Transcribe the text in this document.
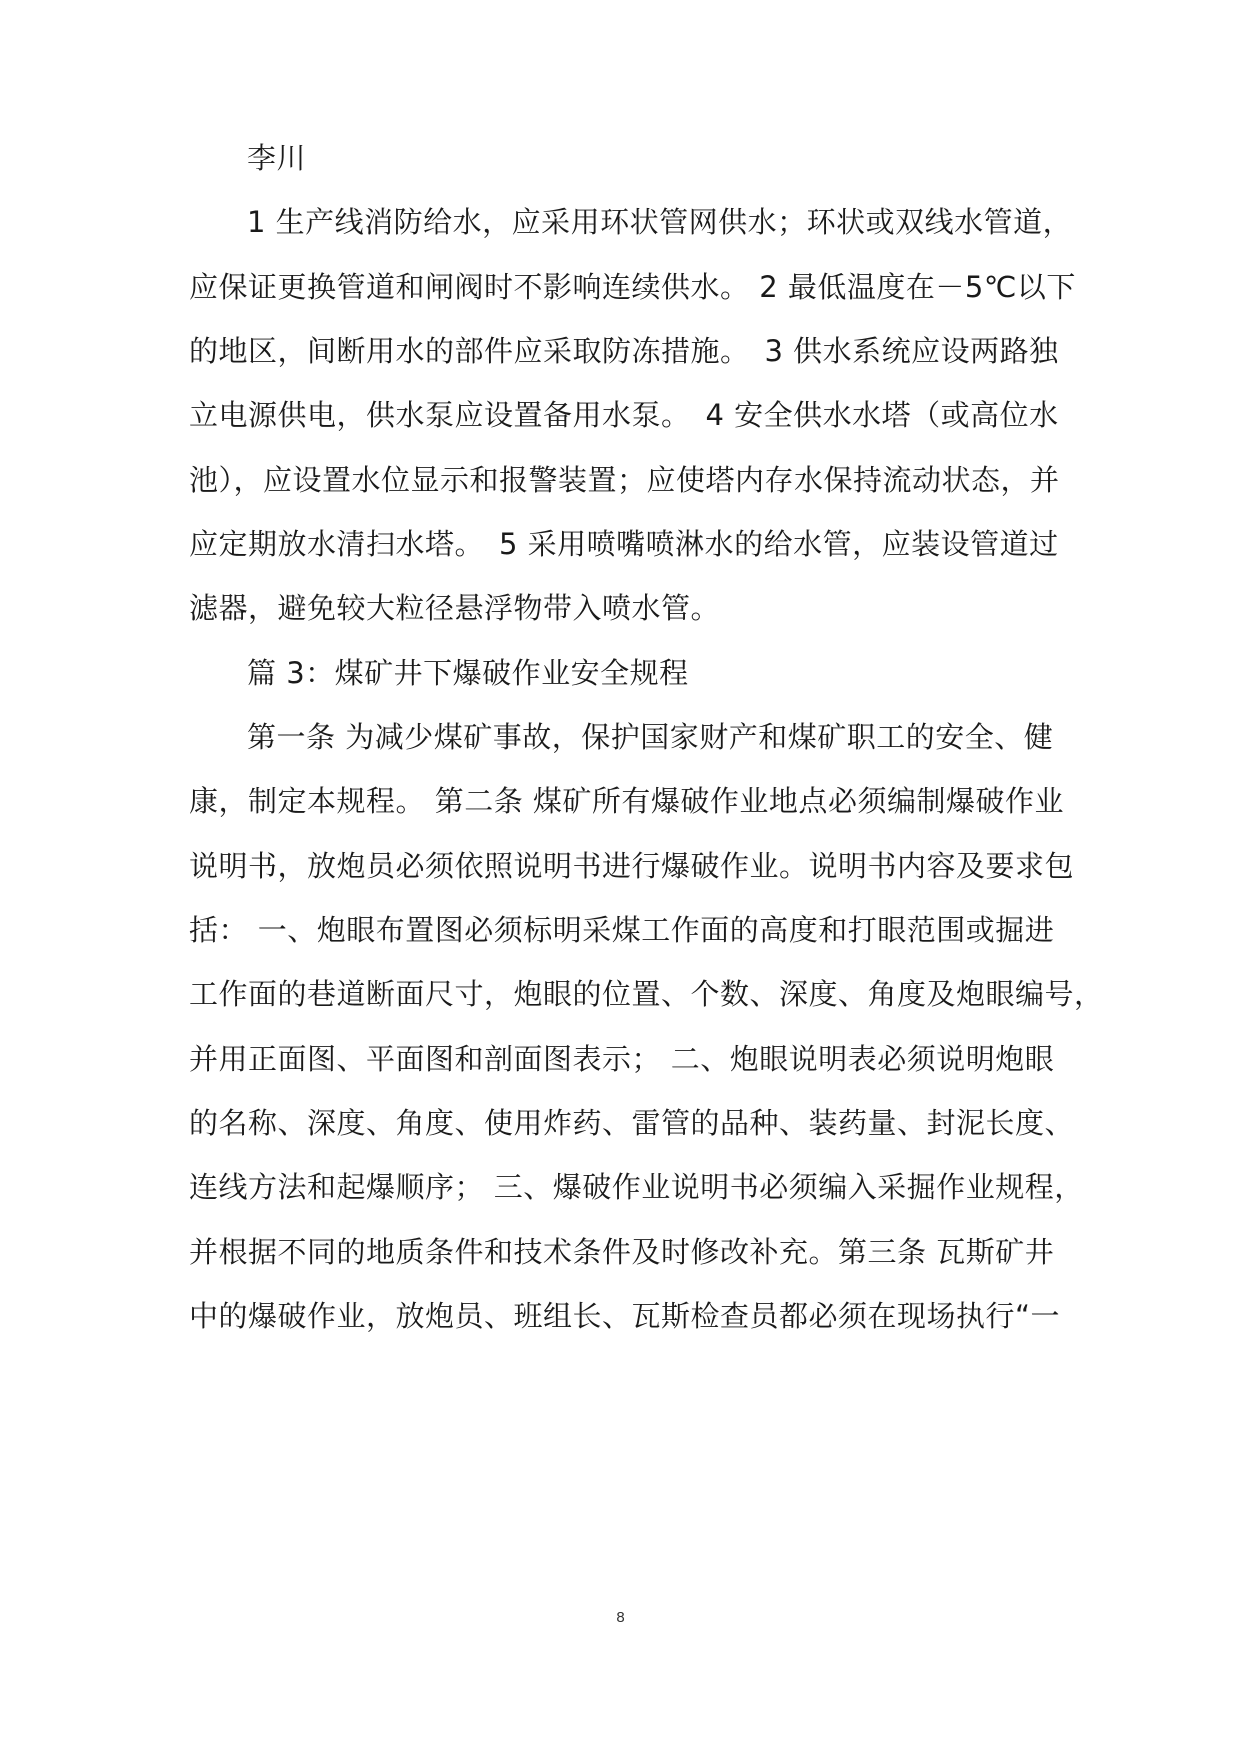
李川
1 生产线消防给水，应采用环状管网供水；环状或双线水管道，
应保证更换管道和闸阀时不影响连续供水。 2 最低温度在－5℃以下
的地区，间断用水的部件应采取防冻措施。　3 供水系统应设两路独
立电源供电，供水泵应设置备用水泵。　4 安全供水水塔（或高位水
池），应设置水位显示和报警装置；应使塔内存水保持流动状态，并
应定期放水清扫水塔。　5 采用喷嘴喷淋水的给水管，应装设管道过
滤器，避免较大粒径悬浮物带入喷水管。
篇 3：煤矿井下爆破作业安全规程
第一条 为减少煤矿事故，保护国家财产和煤矿职工的安全、健
康，制定本规程。 第二条 煤矿所有爆破作业地点必须编制爆破作业
说明书，放炮员必须依照说明书进行爆破作业。说明书内容及要求包
括： 一、炮眼布置图必须标明采煤工作面的高度和打眼范围或掘进
工作面的巷道断面尺寸，炮眼的位置、个数、深度、角度及炮眼编号，
并用正面图、平面图和剖面图表示； 二、炮眼说明表必须说明炮眼
的名称、深度、角度、使用炸药、雷管的品种、装药量、封泥长度、
连线方法和起爆顺序； 三、爆破作业说明书必须编入采掘作业规程，
并根据不同的地质条件和技术条件及时修改补充。第三条 瓦斯矿井
中的爆破作业，放炮员、班组长、瓦斯检查员都必须在现场执行“一
8
